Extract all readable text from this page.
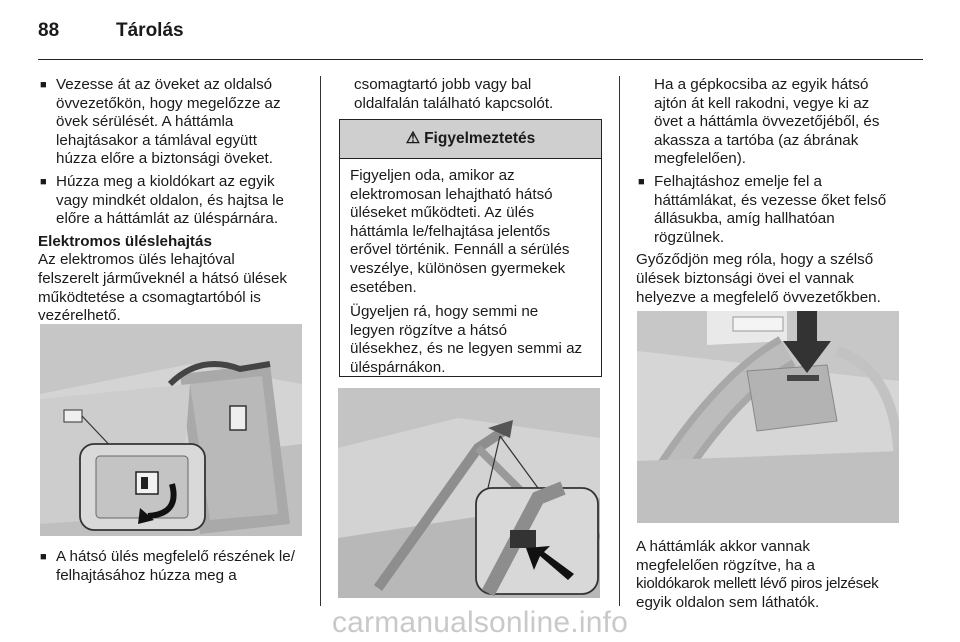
88	Tárolás

■ Vezesse át az öveket az oldalsó

övvezetőkön, hogy megelőzze az

övek sérülését. A háttámla

lehajtásakor a támlával együtt

húzza előre a biztonsági öveket.

■ Húzza meg a kioldókart az egyik

vagy mindkét oldalon, és hajtsa le

előre a háttámlát az üléspárnára.

Elektromos üléslehajtás

Az elektromos ülés lehajtóval

felszerelt járműveknél a hátsó ülések

működtetése a csomagtartóból is

vezérelhető.

■ A hátsó ülés megfelelő részének le/

felhajtásához húzza meg a

csomagtartó jobb vagy bal

oldalfalán található kapcsolót.

⚠ Figyelmeztetés

Figyeljen oda, amikor az
elektromosan lehajtható hátsó
üléseket működteti. Az ülés
háttámla le/felhajtása jelentős
erővel történik. Fennáll a sérülés
veszélye, különösen gyermekek
esetében.

Ügyeljen rá, hogy semmi ne
legyen rögzítve a hátsó
ülésekhez, és ne legyen semmi az
üléspárnákon.

Ha a gépkocsiba az egyik hátsó

ajtón át kell rakodni, vegye ki az

övet a háttámla övvezetőjéből, és

akassza a tartóba (az ábrának

megfelelően).

■ Felhajtáshoz emelje fel a

háttámlákat, és vezesse őket felső

állásukba, amíg hallhatóan

rögzülnek.

Győződjön meg róla, hogy a szélső

ülések biztonsági övei el vannak

helyezve a megfelelő övvezetőkben.

A háttámlák akkor vannak

megfelelően rögzítve, ha a

kioldókarok mellett lévő piros jelzések

egyik oldalon sem láthatók.

carmanualsonline.info
